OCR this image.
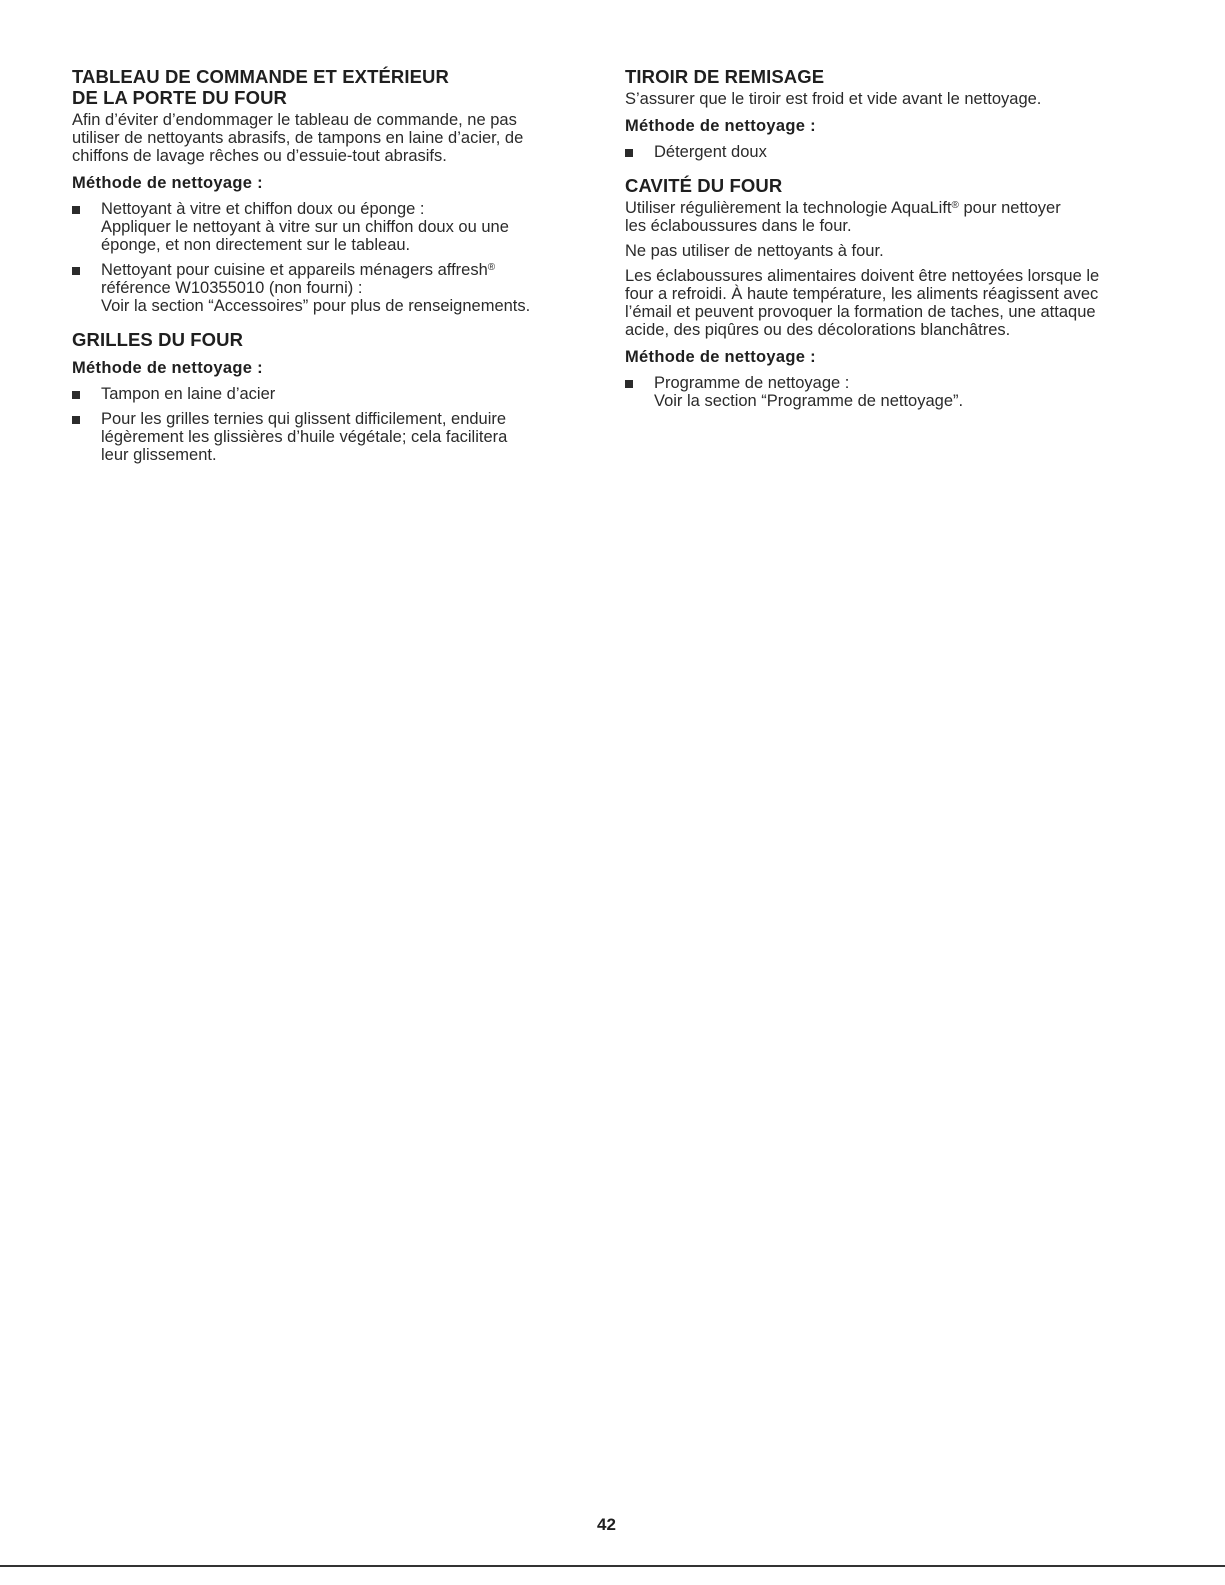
TABLEAU DE COMMANDE ET EXTÉRIEUR
DE LA PORTE DU FOUR

Afin d’éviter d’endommager le tableau de commande, ne pas
utiliser de nettoyants abrasifs, de tampons en laine d’acier, de
chiffons de lavage rêches ou d’essuie-tout abrasifs.

Méthode de nettoyage :
Nettoyant à vitre et chiffon doux ou éponge :
Appliquer le nettoyant à vitre sur un chiffon doux ou une
éponge, et non directement sur le tableau.
Nettoyant pour cuisine et appareils ménagers affresh®
référence W10355010 (non fourni) :
Voir la section “Accessoires” pour plus de renseignements.
GRILLES DU FOUR
Méthode de nettoyage :
Tampon en laine d’acier
Pour les grilles ternies qui glissent difficilement, enduire
légèrement les glissières d’huile végétale; cela facilitera
leur glissement.
TIROIR DE REMISAGE

S’assurer que le tiroir est froid et vide avant le nettoyage.

Méthode de nettoyage :
Détergent doux
CAVITÉ DU FOUR

Utiliser régulièrement la technologie AquaLift® pour nettoyer
les éclaboussures dans le four.

Ne pas utiliser de nettoyants à four.

Les éclaboussures alimentaires doivent être nettoyées lorsque le
four a refroidi. À haute température, les aliments réagissent avec
l’émail et peuvent provoquer la formation de taches, une attaque
acide, des piqûres ou des décolorations blanchâtres.

Méthode de nettoyage :
Programme de nettoyage :
Voir la section “Programme de nettoyage”.
42
